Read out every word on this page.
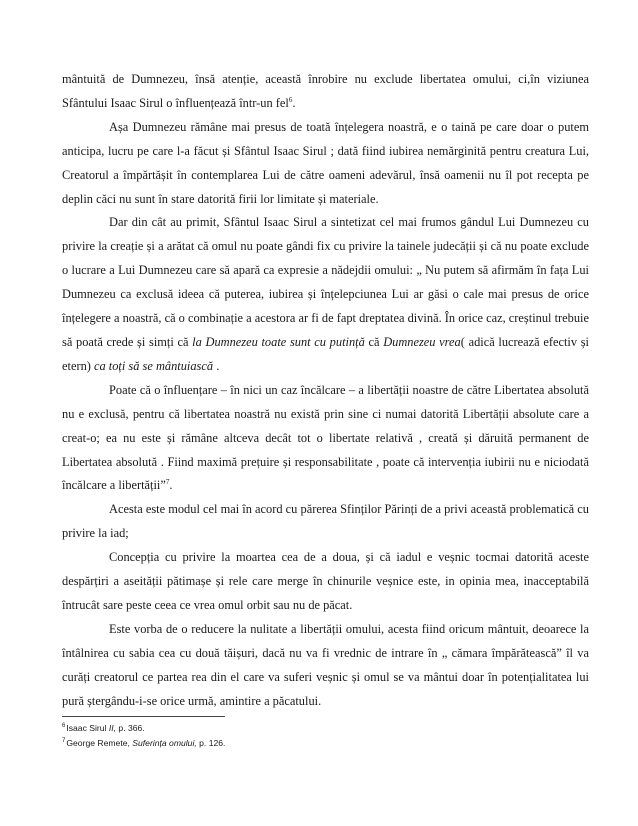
mântuită de Dumnezeu, însă atenție, această înrobire nu exclude libertatea omului, ci,în viziunea Sfântului Isaac Sirul o înfluențează într-un fel$^6$.

Așa Dumnezeu rămâne mai presus de toată înțelegera noastră, e o taină pe care doar o putem anticipa, lucru pe care l-a făcut și Sfântul Isaac Sirul ; dată fiind iubirea nemărginită pentru creatura Lui, Creatorul a împărtășit în contemplarea Lui de către oameni adevărul, însă oamenii nu îl pot recepta pe deplin căci nu sunt în stare datorită firii lor limitate și materiale.

Dar din cât au primit, Sfântul Isaac Sirul a sintetizat cel mai frumos gândul Lui Dumnezeu cu privire la creație și a arătat că omul nu poate gândi fix cu privire la tainele judecății și că nu poate exclude o lucrare a Lui Dumnezeu care să apară ca expresie a nădejdii omului: „ Nu putem să afirmăm în fața Lui Dumnezeu ca exclusă ideea că puterea, iubirea și înțelepciunea Lui ar găsi o cale mai presus de orice înțelegere a noastră, că o combinație a acestora ar fi de fapt dreptatea divină. În orice caz, creștinul trebuie să poată crede și simți că la Dumnezeu toate sunt cu putință că Dumnezeu vrea( adică lucrează efectiv și etern) ca toți să se mântuiască .

Poate că o înfluențare – în nici un caz încălcare – a libertății noastre de către Libertatea absolută nu e exclusă, pentru că libertatea noastră nu există prin sine ci numai datorită Libertății absolute care a creat-o; ea nu este și rămâne altceva decât tot o libertate relativă , creată și dăruită permanent de Libertatea absolută . Fiind maximă prețuire și responsabilitate , poate că intervenția iubirii nu e niciodată încălcare a libertății”$^7$.

Acesta este modul cel mai în acord cu părerea Sfinților Părinți de a privi această problematică cu privire la iad;

Concepția cu privire la moartea cea de a doua, și că iadul e veșnic tocmai datorită aceste despărțiri a aseității pătimașe și rele care merge în chinurile veșnice este, in opinia mea, inacceptabilă întrucât sare peste ceea ce vrea omul orbit sau nu de păcat.

Este vorba de o reducere la nulitate a libertății omului, acesta fiind oricum mântuit, deoarece la întâlnirea cu sabia cea cu două tăișuri, dacă nu va fi vrednic de intrare în „ cămara împărătească” îl va curăți creatorul ce partea rea din el care va suferi veșnic și omul se va mântui doar în potențialitatea lui pură ștergându-i-se orice urmă, amintire a păcatului.

$^6$Isaac Sirul II, p. 366.
$^7$George Remete, Suferința omului, p. 126.
